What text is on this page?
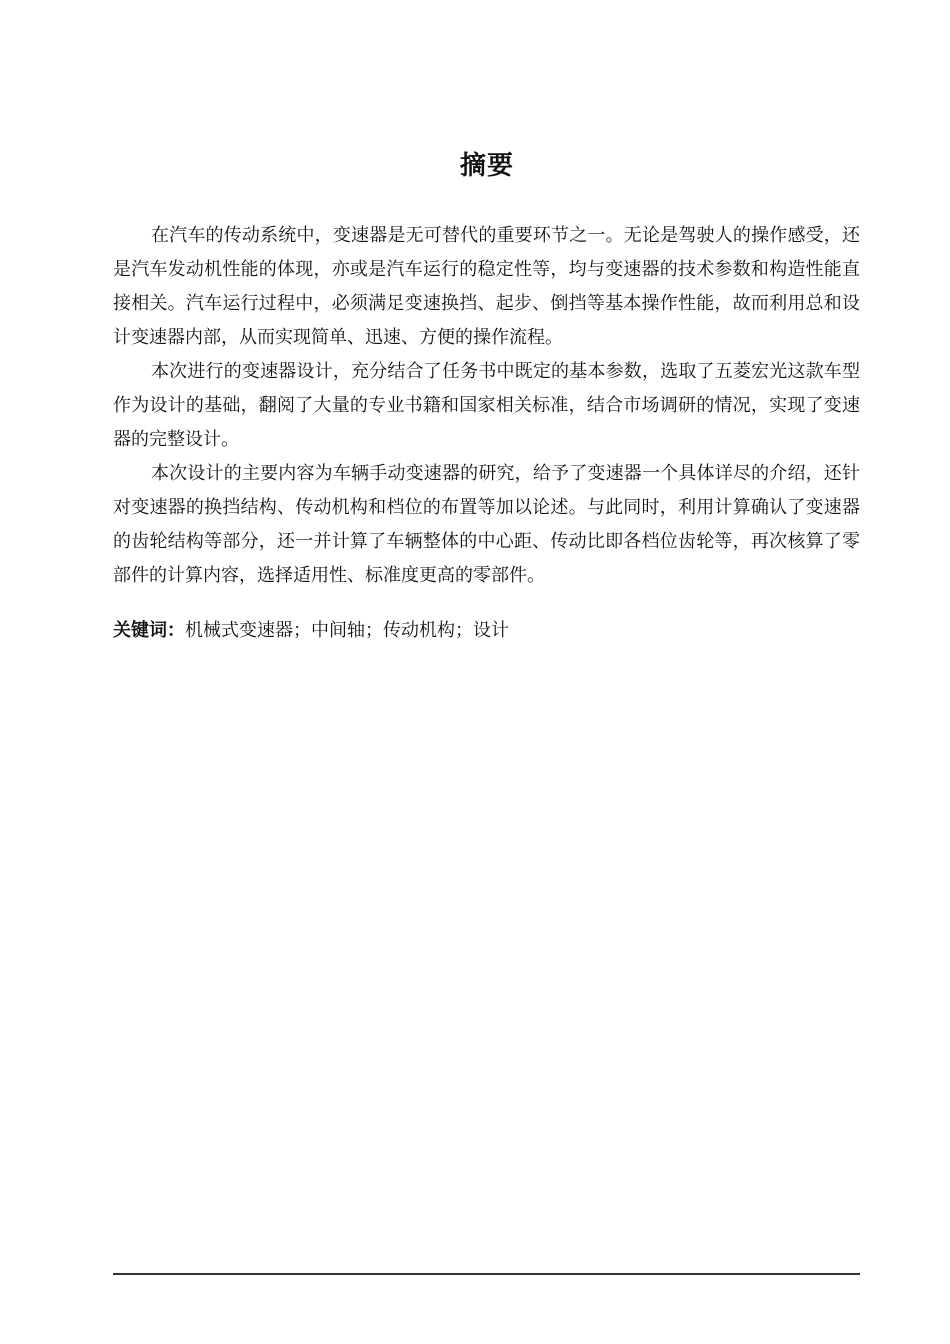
摘要

在汽车的传动系统中，变速器是无可替代的重要环节之一。无论是驾驶人的操作感受，还是汽车发动机性能的体现，亦或是汽车运行的稳定性等，均与变速器的技术参数和构造性能直接相关。汽车运行过程中，必须满足变速换挡、起步、倒挡等基本操作性能，故而利用总和设计变速器内部，从而实现简单、迅速、方便的操作流程。

本次进行的变速器设计，充分结合了任务书中既定的基本参数，选取了五菱宏光这款车型作为设计的基础，翻阅了大量的专业书籍和国家相关标准，结合市场调研的情况，实现了变速器的完整设计。

本次设计的主要内容为车辆手动变速器的研究，给予了变速器一个具体详尽的介绍，还针对变速器的换挡结构、传动机构和档位的布置等加以论述。与此同时，利用计算确认了变速器的齿轮结构等部分，还一并计算了车辆整体的中心距、传动比即各档位齿轮等，再次核算了零部件的计算内容，选择适用性、标准度更高的零部件。

关键词：机械式变速器；中间轴；传动机构；设计
